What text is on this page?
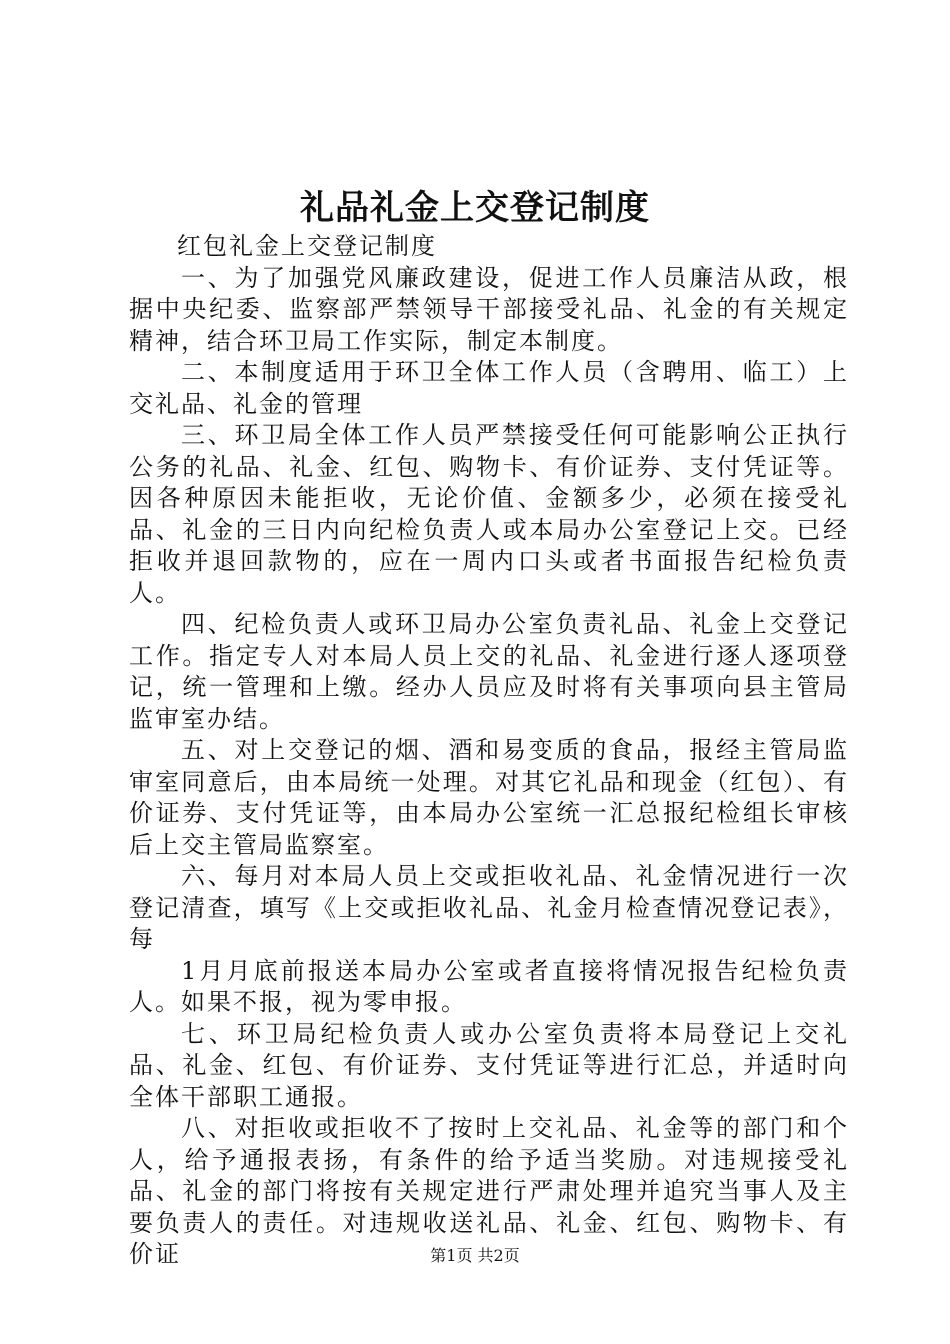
礼品礼金上交登记制度

红包礼金上交登记制度

一、为了加强党风廉政建设，促进工作人员廉洁从政，根据中央纪委、监察部严禁领导干部接受礼品、礼金的有关规定精神，结合环卫局工作实际，制定本制度。

二、本制度适用于环卫全体工作人员（含聘用、临工）上交礼品、礼金的管理

三、环卫局全体工作人员严禁接受任何可能影响公正执行公务的礼品、礼金、红包、购物卡、有价证券、支付凭证等。因各种原因未能拒收，无论价值、金额多少，必须在接受礼品、礼金的三日内向纪检负责人或本局办公室登记上交。已经拒收并退回款物的，应在一周内口头或者书面报告纪检负责人。

四、纪检负责人或环卫局办公室负责礼品、礼金上交登记工作。指定专人对本局人员上交的礼品、礼金进行逐人逐项登记，统一管理和上缴。经办人员应及时将有关事项向县主管局监审室办结。

五、对上交登记的烟、酒和易变质的食品，报经主管局监审室同意后，由本局统一处理。对其它礼品和现金（红包）、有价证券、支付凭证等，由本局办公室统一汇总报纪检组长审核后上交主管局监察室。

六、每月对本局人员上交或拒收礼品、礼金情况进行一次登记清查，填写《上交或拒收礼品、礼金月检查情况登记表》，每

1月月底前报送本局办公室或者直接将情况报告纪检负责人。如果不报，视为零申报。

七、环卫局纪检负责人或办公室负责将本局登记上交礼品、礼金、红包、有价证券、支付凭证等进行汇总，并适时向全体干部职工通报。

八、对拒收或拒收不了按时上交礼品、礼金等的部门和个人，给予通报表扬，有条件的给予适当奖励。对违规接受礼品、礼金的部门将按有关规定进行严肃处理并追究当事人及主要负责人的责任。对违规收送礼品、礼金、红包、购物卡、有价证	第1页 共2页
